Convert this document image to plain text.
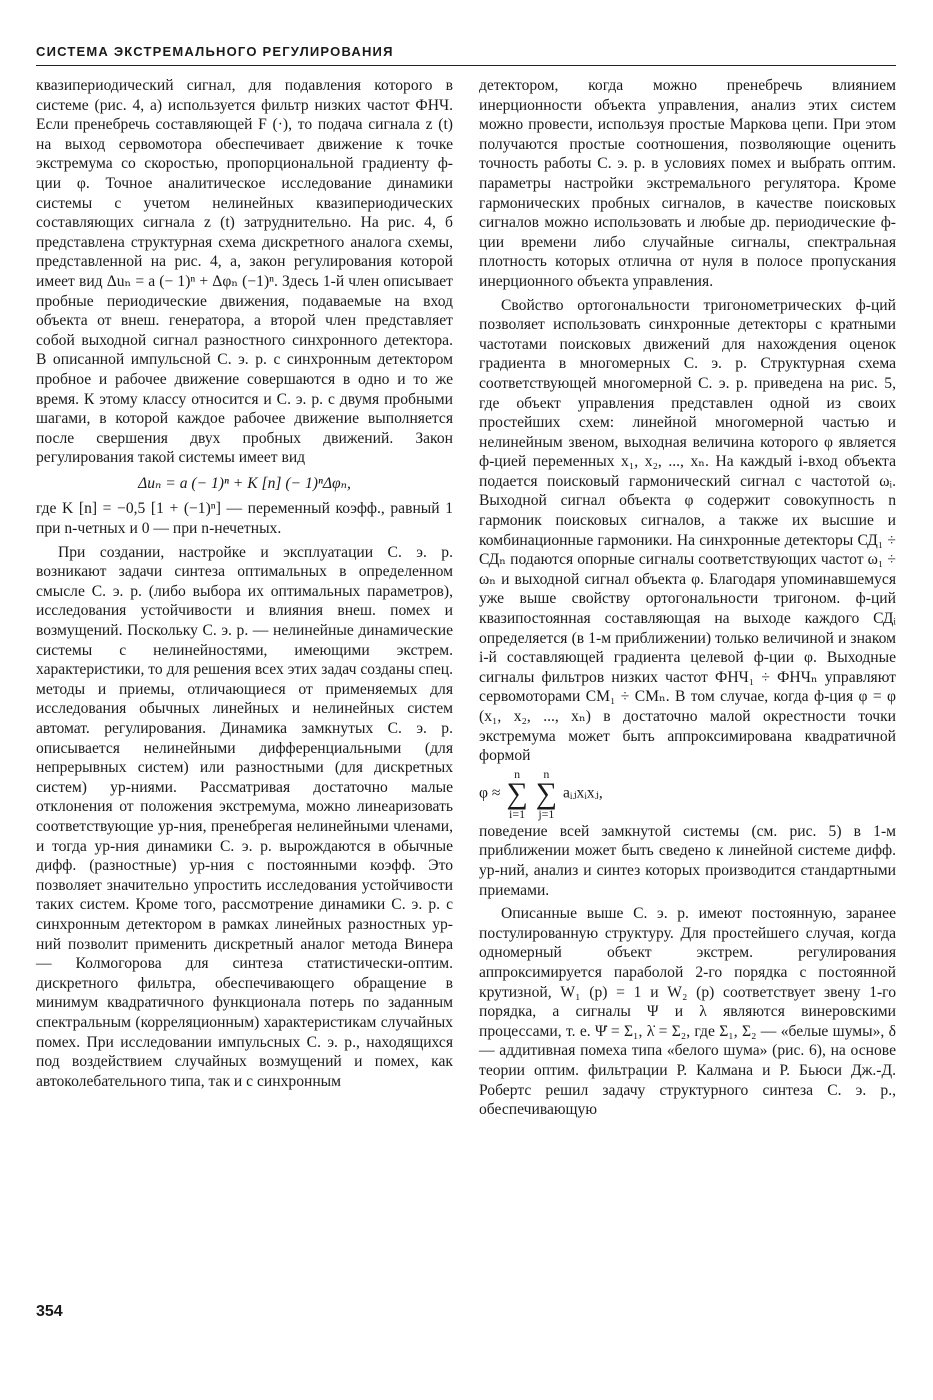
СИСТЕМА ЭКСТРЕМАЛЬНОГО РЕГУЛИРОВАНИЯ

квазипериодический сигнал, для подавления которого в системе (рис. 4, а) используется фильтр низких частот ФНЧ. Если пренебречь составляющей F (·), то подача сигнала z (t) на выход сервомотора обеспечивает движение к точке экстремума со скоростью, пропорциональной градиенту ф-ции φ. Точное аналитическое исследование динамики системы с учетом нелинейных квазипериодических составляющих сигнала z (t) затруднительно. На рис. 4, б представлена структурная схема дискретного аналога схемы, представленной на рис. 4, а, закон регулирования которой имеет вид Δuₙ = a (− 1)ⁿ + Δφₙ (−1)ⁿ. Здесь 1-й член описывает пробные периодические движения, подаваемые на вход объекта от внеш. генератора, а второй член представляет собой выходной сигнал разностного синхронного детектора. В описанной импульсной С. э. р. с синхронным детектором пробное и рабочее движение совершаются в одно и то же время. К этому классу относится и С. э. р. с двумя пробными шагами, в которой каждое рабочее движение выполняется после свершения двух пробных движений. Закон регулирования такой системы имеет вид

Δuₙ = a (− 1)ⁿ + K [n] (− 1)ⁿΔφₙ,

где K [n] = −0,5 [1 + (−1)ⁿ] — переменный коэфф., равный 1 при n-четных и 0 — при n-нечетных.

При создании, настройке и эксплуатации С. э. р. возникают задачи синтеза оптимальных в определенном смысле С. э. р. (либо выбора их оптимальных параметров), исследования устойчивости и влияния внеш. помех и возмущений. Поскольку С. э. р. — нелинейные динамические системы с нелинейностями, имеющими экстрем. характеристики, то для решения всех этих задач созданы спец. методы и приемы, отличающиеся от применяемых для исследования обычных линейных и нелинейных систем автомат. регулирования. Динамика замкнутых С. э. р. описывается нелинейными дифференциальными (для непрерывных систем) или разностными (для дискретных систем) ур-ниями. Рассматривая достаточно малые отклонения от положения экстремума, можно линеаризовать соответствующие ур-ния, пренебрегая нелинейными членами, и тогда ур-ния динамики С. э. р. вырождаются в обычные дифф. (разностные) ур-ния с постоянными коэфф. Это позволяет значительно упростить исследования устойчивости таких систем. Кроме того, рассмотрение динамики С. э. р. с синхронным детектором в рамках линейных разностных ур-ний позволит применить дискретный аналог метода Винера — Колмогорова для синтеза статистически-оптим. дискретного фильтра, обеспечивающего обращение в минимум квадратичного функционала потерь по заданным спектральным (корреляционным) характеристикам случайных помех. При исследовании импульсных С. э. р., находящихся под воздействием случайных возмущений и помех, как автоколебательного типа, так и с синхронным

детектором, когда можно пренебречь влиянием инерционности объекта управления, анализ этих систем можно провести, используя простые Маркова цепи. При этом получаются простые соотношения, позволяющие оценить точность работы С. э. р. в условиях помех и выбрать оптим. параметры настройки экстремального регулятора. Кроме гармонических пробных сигналов, в качестве поисковых сигналов можно использовать и любые др. периодические ф-ции времени либо случайные сигналы, спектральная плотность которых отлична от нуля в полосе пропускания инерционного объекта управления.

Свойство ортогональности тригонометрических ф-ций позволяет использовать синхронные детекторы с кратными частотами поисковых движений для нахождения оценок градиента в многомерных С. э. р. Структурная схема соответствующей многомерной С. э. р. приведена на рис. 5, где объект управления представлен одной из своих простейших схем: линейной многомерной частью и нелинейным звеном, выходная величина которого φ является ф-цией переменных x₁, x₂, ..., xₙ. На каждый i-вход объекта подается поисковый гармонический сигнал с частотой ωᵢ. Выходной сигнал объекта φ содержит совокупность n гармоник поисковых сигналов, а также их высшие и комбинационные гармоники. На синхронные детекторы СД₁ ÷ СДₙ подаются опорные сигналы соответствующих частот ω₁ ÷ ωₙ и выходной сигнал объекта φ. Благодаря упоминавшемуся уже выше свойству ортогональности тригоном. ф-ций квазипостоянная составляющая на выходе каждого СДᵢ определяется (в 1-м приближении) только величиной и знаком i-й составляющей градиента целевой ф-ции φ. Выходные сигналы фильтров низких частот ФНЧ₁ ÷ ФНЧₙ управляют сервомоторами СМ₁ ÷ СМₙ. В том случае, когда ф-ция φ = φ (x₁, x₂, ..., xₙ) в достаточно малой окрестности точки экстремума может быть аппроксимирована квадратичной формой

φ ≈ n
∑
i=1 n
∑
j=1 aᵢⱼxᵢxⱼ,

поведение всей замкнутой системы (см. рис. 5) в 1-м приближении может быть сведено к линейной системе дифф. ур-ний, анализ и синтез которых производится стандартными приемами.

Описанные выше С. э. р. имеют постоянную, заранее постулированную структуру. Для простейшего случая, когда одномерный объект экстрем. регулирования аппроксимируется параболой 2-го порядка с постоянной крутизной, W₁ (p) = 1 и W₂ (p) соответствует звену 1-го порядка, а сигналы Ψ и λ являются винеровскими процессами, т. е. Ψ̇ = Σ₁, λ̇ = Σ₂, где Σ₁, Σ₂ — «белые шумы», δ — аддитивная помеха типа «белого шума» (рис. 6), на основе теории оптим. фильтрации Р. Калмана и Р. Бьюси Дж.-Д. Робертс решил задачу структурного синтеза С. э. р., обеспечивающую

354
